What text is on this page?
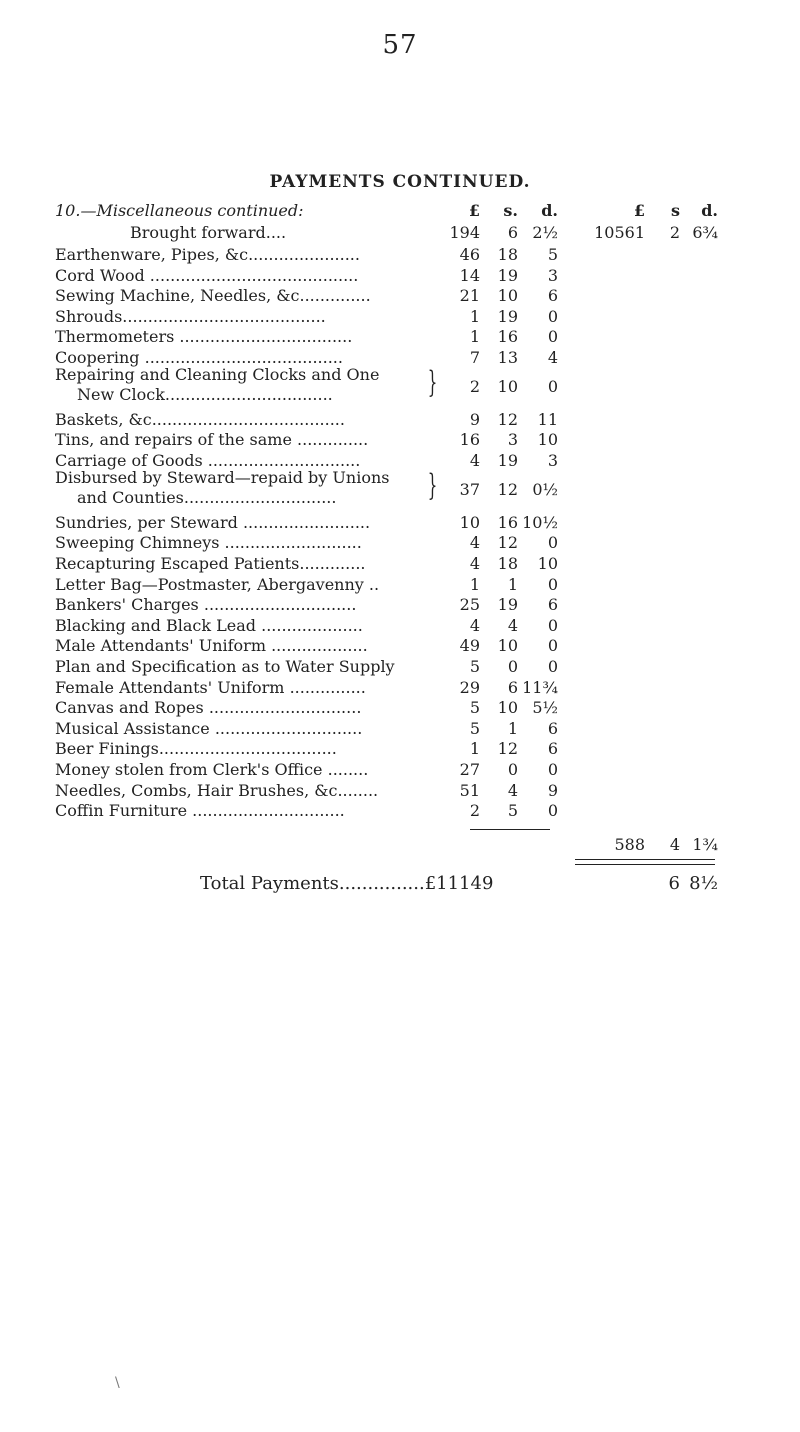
57
PAYMENTS CONTINUED.
10.—Miscellaneous continued:	£	s.	d.	£	s	d.
Brought forward....	194	6 2½	10561	2 6¾
Earthenware, Pipes, &c......................	46	18	5
Cord Wood .........................................	14	19	3
Sewing Machine, Needles, &c..............	21	10	6
Shrouds........................................	1	19	0
Thermometers ..................................	1	16	0
Coopering .......................................	7	13	4
}
Repairing and Cleaning Clocks and One
New Clock.................................	2	10	0
Baskets, &c......................................	9	12	11
Tins, and repairs of the same ..............	16	3	10
Carriage of Goods ..............................	4	19	3
}
Disbursed by Steward—repaid by Unions
and Counties..............................	37	12 0½
Sundries, per Steward .........................	10	16 10½
Sweeping Chimneys ...........................	4	12	0
Recapturing Escaped Patients.............	4	18	10
Letter Bag—Postmaster, Abergavenny ..	1	1	0
Bankers' Charges ..............................	25	19	6
Blacking and Black Lead ....................	4	4	0
Male Attendants' Uniform ...................	49	10	0
Plan and Specification as to Water Supply	5	0	0
Female Attendants' Uniform ...............	29	6 11¾
Canvas and Ropes ..............................	5	10 5½
Musical Assistance .............................	5	1	6
Beer Finings...................................	1	12	6
Money stolen from Clerk's Office ........	27	0	0
Needles, Combs, Hair Brushes, &c........	51	4	9
Coffin Furniture ..............................	2	5	0
588	4 1¾
Total Payments...............£11149	6 8½
\
